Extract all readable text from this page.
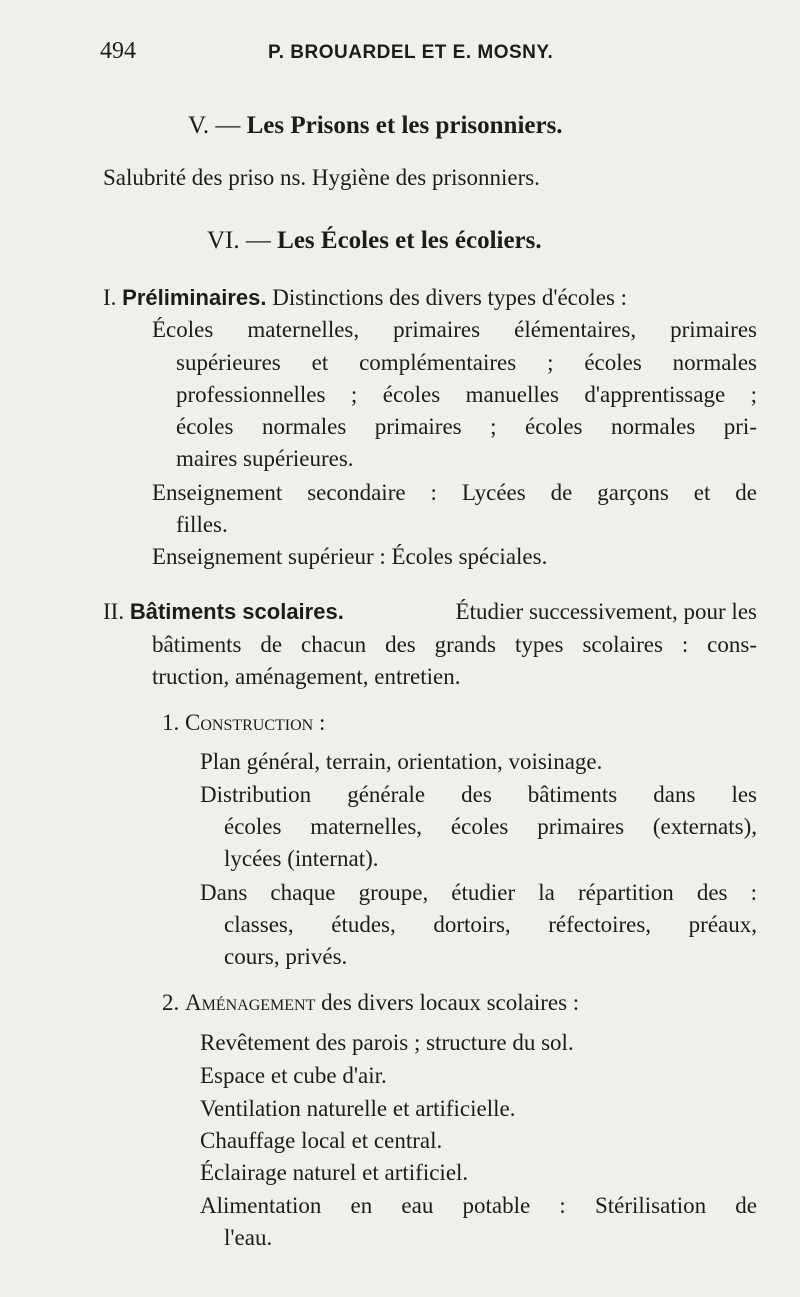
494	P. BROUARDEL ET E. MOSNY.
V. — Les Prisons et les prisonniers.
Salubrité des priso ns. Hygiène des prisonniers.
VI. — Les Écoles et les écoliers.
I. Préliminaires. Distinctions des divers types d'écoles :
Écoles maternelles, primaires élémentaires, primaires
supérieures et complémentaires ; écoles normales
professionnelles ; écoles manuelles d'apprentissage ;
écoles normales primaires ; écoles normales pri-
maires supérieures.
Enseignement secondaire : Lycées de garçons et de
filles.
Enseignement supérieur : Écoles spéciales.
II. Bâtiments scolaires.	Étudier successivement, pour les
bâtiments de chacun des grands types scolaires : cons-
truction, aménagement, entretien.
1. Construction :
Plan général, terrain, orientation, voisinage.
Distribution générale des bâtiments dans les
écoles maternelles, écoles primaires (externats),
lycées (internat).
Dans chaque groupe, étudier la répartition des :
classes, études, dortoirs, réfectoires, préaux,
cours, privés.
2. Aménagement des divers locaux scolaires :
Revêtement des parois ; structure du sol.
Espace et cube d'air.
Ventilation naturelle et artificielle.
Chauffage local et central.
Éclairage naturel et artificiel.
Alimentation en eau potable : Stérilisation de
l'eau.
